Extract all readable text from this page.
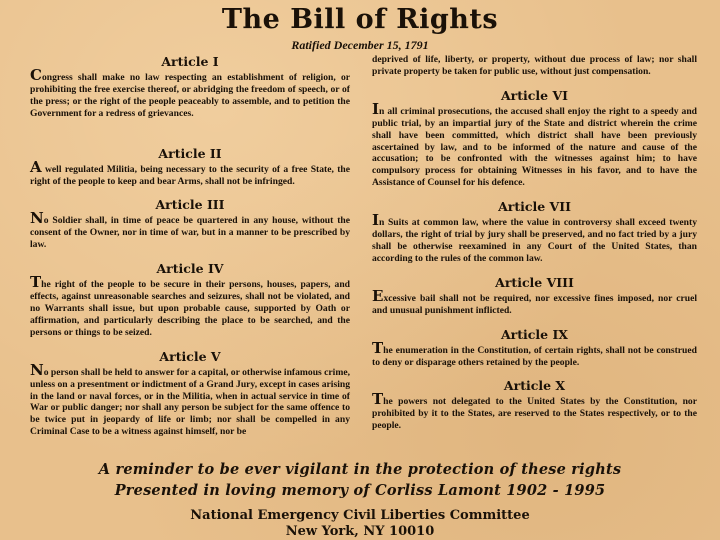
The Bill of Rights

Ratified December 15, 1791

Article I

Congress shall make no law respecting an establishment of religion, or prohibiting the free exercise thereof, or abridging the freedom of speech, or of the press; or the right of the people peaceably to assemble, and to petition the Government for a redress of grievances.

Article II

A well regulated Militia, being necessary to the security of a free State, the right of the people to keep and bear Arms, shall not be infringed.

Article III

No Soldier shall, in time of peace be quartered in any house, without the consent of the Owner, nor in time of war, but in a manner to be prescribed by law.

Article IV

The right of the people to be secure in their persons, houses, papers, and effects, against unreasonable searches and seizures, shall not be violated, and no Warrants shall issue, but upon probable cause, supported by Oath or affirmation, and particularly describing the place to be searched, and the persons or things to be seized.

Article V

No person shall be held to answer for a capital, or otherwise infamous crime, unless on a presentment or indictment of a Grand Jury, except in cases arising in the land or naval forces, or in the Militia, when in actual service in time of War or public danger; nor shall any person be subject for the same offence to be twice put in jeopardy of life or limb; nor shall be compelled in any Criminal Case to be a witness against himself, nor be

deprived of life, liberty, or property, without due process of law; nor shall private property be taken for public use, without just compensation.

Article VI

In all criminal prosecutions, the accused shall enjoy the right to a speedy and public trial, by an impartial jury of the State and district wherein the crime shall have been committed, which district shall have been previously ascertained by law, and to be informed of the nature and cause of the accusation; to be confronted with the witnesses against him; to have compulsory process for obtaining Witnesses in his favor, and to have the Assistance of Counsel for his defence.

Article VII

In Suits at common law, where the value in controversy shall exceed twenty dollars, the right of trial by jury shall be preserved, and no fact tried by a jury shall be otherwise reexamined in any Court of the United States, than according to the rules of the common law.

Article VIII

Excessive bail shall not be required, nor excessive fines imposed, nor cruel and unusual punishment inflicted.

Article IX

The enumeration in the Constitution, of certain rights, shall not be construed to deny or disparage others retained by the people.

Article X

The powers not delegated to the United States by the Constitution, nor prohibited by it to the States, are reserved to the States respectively, or to the people.

A reminder to be ever vigilant in the protection of these rights

Presented in loving memory of Corliss Lamont 1902 - 1995

National Emergency Civil Liberties Committee

New York, NY 10010
